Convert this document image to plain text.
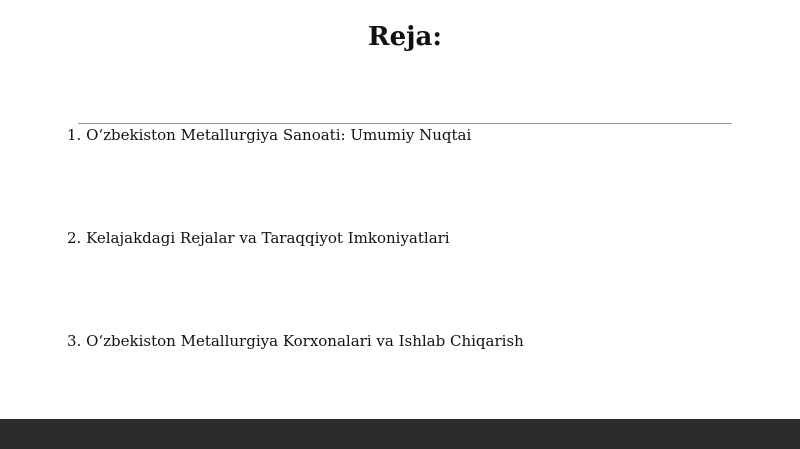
Reja:
1. O‘zbekiston Metallurgiya Sanoati: Umumiy Nuqtai
2. Kelajakdagi Rejalar va Taraqqiyot Imkoniyatlari
3. O‘zbekiston Metallurgiya Korxonalari va Ishlab Chiqarish
